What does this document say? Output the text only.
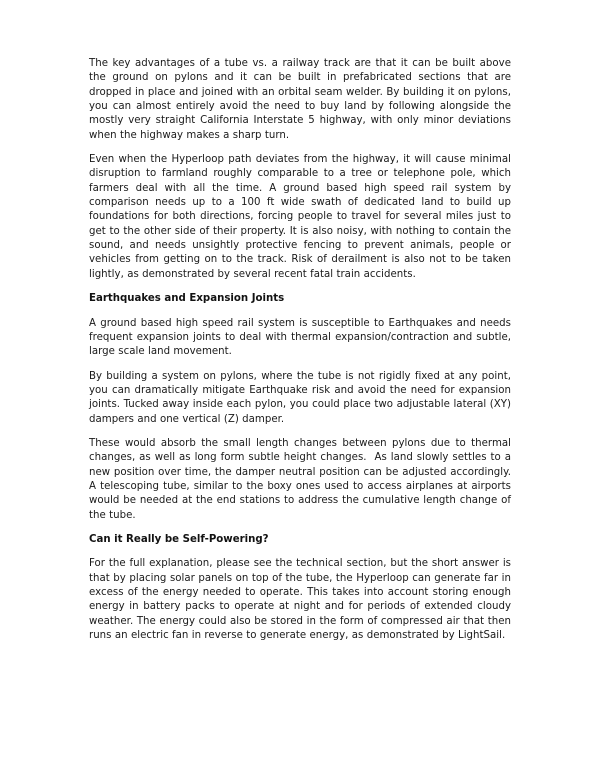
The key advantages of a tube vs. a railway track are that it can be built above the ground on pylons and it can be built in prefabricated sections that are dropped in place and joined with an orbital seam welder. By building it on pylons, you can almost entirely avoid the need to buy land by following alongside the mostly very straight California Interstate 5 highway, with only minor deviations when the highway makes a sharp turn.

Even when the Hyperloop path deviates from the highway, it will cause minimal disruption to farmland roughly comparable to a tree or telephone pole, which farmers deal with all the time. A ground based high speed rail system by comparison needs up to a 100 ft wide swath of dedicated land to build up foundations for both directions, forcing people to travel for several miles just to get to the other side of their property. It is also noisy, with nothing to contain the sound, and needs unsightly protective fencing to prevent animals, people or vehicles from getting on to the track. Risk of derailment is also not to be taken lightly, as demonstrated by several recent fatal train accidents.

Earthquakes and Expansion Joints

A ground based high speed rail system is susceptible to Earthquakes and needs frequent expansion joints to deal with thermal expansion/contraction and subtle, large scale land movement.

By building a system on pylons, where the tube is not rigidly fixed at any point, you can dramatically mitigate Earthquake risk and avoid the need for expansion joints. Tucked away inside each pylon, you could place two adjustable lateral (XY) dampers and one vertical (Z) damper.

These would absorb the small length changes between pylons due to thermal changes, as well as long form subtle height changes.  As land slowly settles to a new position over time, the damper neutral position can be adjusted accordingly. A telescoping tube, similar to the boxy ones used to access airplanes at airports would be needed at the end stations to address the cumulative length change of the tube.

Can it Really be Self-Powering?

For the full explanation, please see the technical section, but the short answer is that by placing solar panels on top of the tube, the Hyperloop can generate far in excess of the energy needed to operate. This takes into account storing enough energy in battery packs to operate at night and for periods of extended cloudy weather. The energy could also be stored in the form of compressed air that then runs an electric fan in reverse to generate energy, as demonstrated by LightSail.
